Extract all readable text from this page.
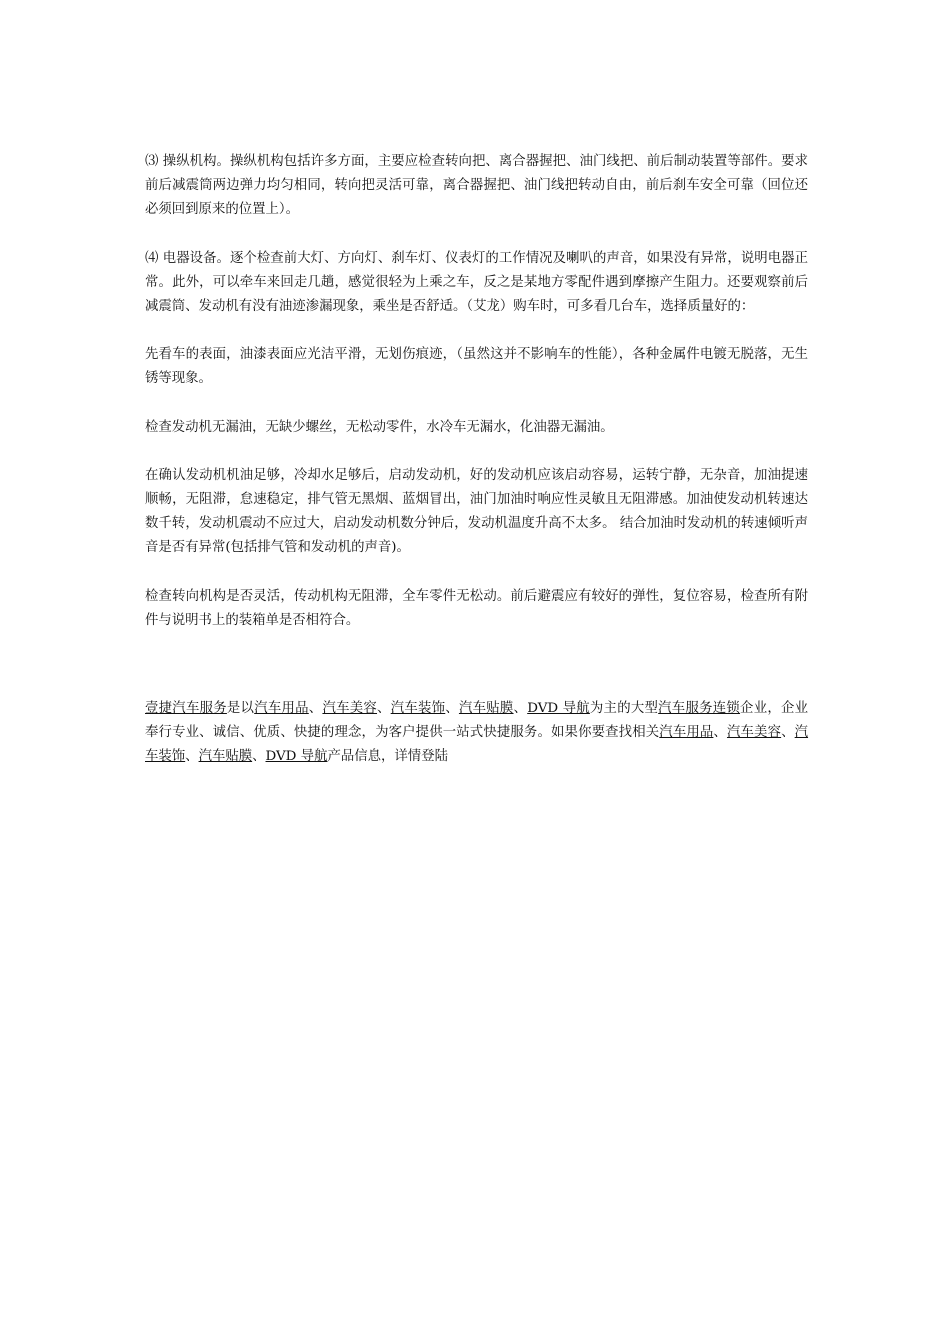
⑶ 操纵机构。操纵机构包括许多方面，主要应检查转向把、离合器握把、油门线把、前后制动装置等部件。要求前后减震筒两边弹力均匀相同，转向把灵活可靠，离合器握把、油门线把转动自由，前后刹车安全可靠（回位还必须回到原来的位置上）。

⑷ 电器设备。逐个检查前大灯、方向灯、刹车灯、仪表灯的工作情况及喇叭的声音，如果没有异常，说明电器正常。此外，可以牵车来回走几趟，感觉很轻为上乘之车，反之是某地方零配件遇到摩擦产生阻力。还要观察前后减震筒、发动机有没有油迹渗漏现象，乘坐是否舒适。（艾龙）购车时，可多看几台车，选择质量好的：

先看车的表面，油漆表面应光洁平滑，无划伤痕迹，（虽然这并不影响车的性能），各种金属件电镀无脱落，无生锈等现象。

检查发动机无漏油，无缺少螺丝，无松动零件，水冷车无漏水，化油器无漏油。

在确认发动机机油足够，冷却水足够后，启动发动机，好的发动机应该启动容易，运转宁静，无杂音，加油提速顺畅，无阻滞，怠速稳定，排气管无黑烟、蓝烟冒出，油门加油时响应性灵敏且无阻滞感。加油使发动机转速达数千转，发动机震动不应过大，启动发动机数分钟后，发动机温度升高不太多。 结合加油时发动机的转速倾听声音是否有异常(包括排气管和发动机的声音)。

检查转向机构是否灵活，传动机构无阻滞，全车零件无松动。前后避震应有较好的弹性，复位容易，检查所有附件与说明书上的装箱单是否相符合。

壹捷汽车服务是以汽车用品、汽车美容、汽车装饰、汽车贴膜、DVD 导航为主的大型汽车服务连锁企业，企业奉行专业、诚信、优质、快捷的理念，为客户提供一站式快捷服务。如果你要查找相关汽车用品、汽车美容、汽车装饰、汽车贴膜、DVD 导航产品信息，详情登陆
